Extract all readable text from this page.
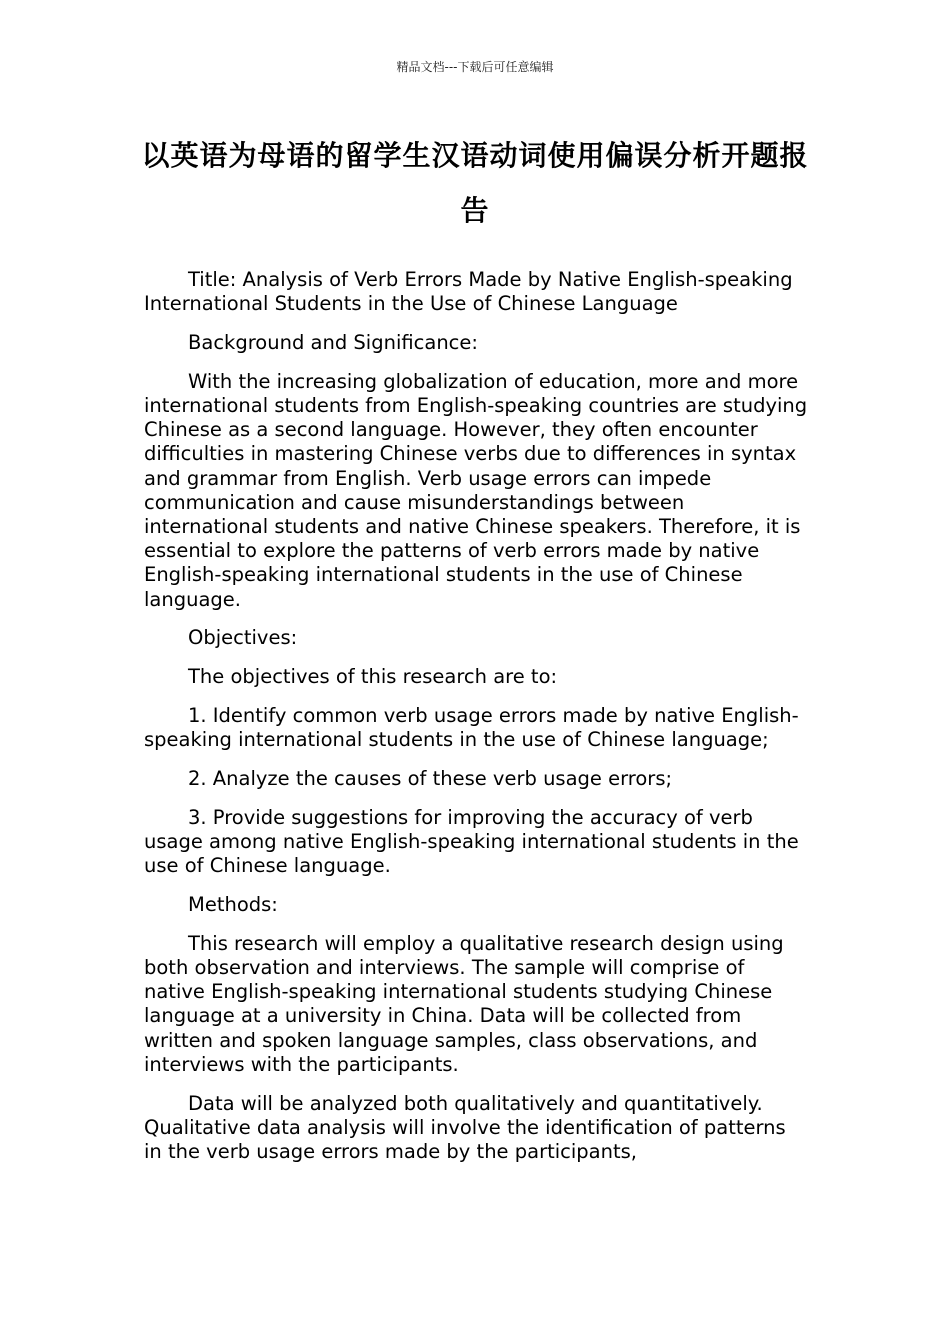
精品文档---下载后可任意编辑
以英语为母语的留学生汉语动词使用偏误分析开题报告

Title: Analysis of Verb Errors Made by Native English-speaking International Students in the Use of Chinese Language

Background and Significance:

With the increasing globalization of education, more and more international students from English-speaking countries are studying Chinese as a second language. However, they often encounter difficulties in mastering Chinese verbs due to differences in syntax and grammar from English. Verb usage errors can impede communication and cause misunderstandings between international students and native Chinese speakers. Therefore, it is essential to explore the patterns of verb errors made by native English-speaking international students in the use of Chinese language.

Objectives:

The objectives of this research are to:

1. Identify common verb usage errors made by native English-speaking international students in the use of Chinese language;

2. Analyze the causes of these verb usage errors;

3. Provide suggestions for improving the accuracy of verb usage among native English-speaking international students in the use of Chinese language.

Methods:

This research will employ a qualitative research design using both observation and interviews. The sample will comprise of native English-speaking international students studying Chinese language at a university in China. Data will be collected from written and spoken language samples, class observations, and interviews with the participants.

Data will be analyzed both qualitatively and quantitatively. Qualitative data analysis will involve the identification of patterns in the verb usage errors made by the participants,
